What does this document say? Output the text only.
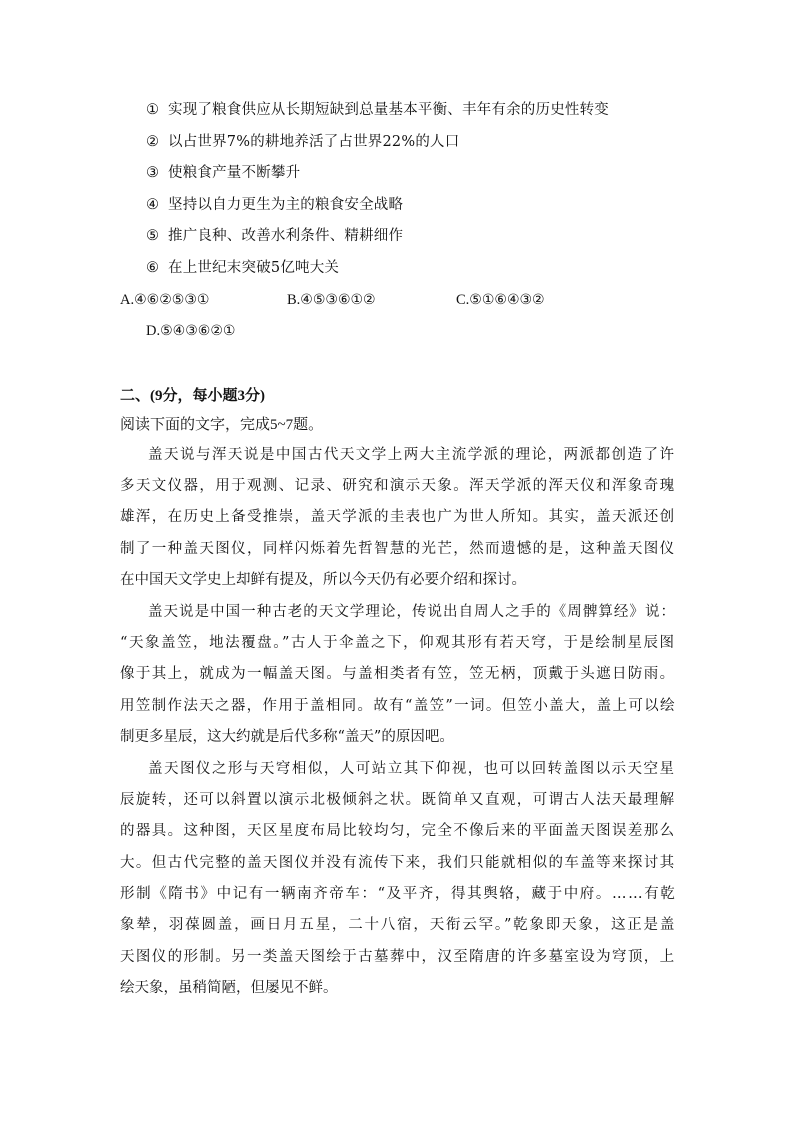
① 实现了粮食供应从长期短缺到总量基本平衡、丰年有余的历史性转变
② 以占世界7%的耕地养活了占世界22%的人口
③ 使粮食产量不断攀升
④ 坚持以自力更生为主的粮食安全战略
⑤ 推广良种、改善水利条件、精耕细作
⑥ 在上世纪末突破5亿吨大关
A.④⑥②⑤③①	B.④⑤③⑥①②	C.⑤①⑥④③②
D.⑤④③⑥②①
二、(9分，每小题3分)
阅读下面的文字，完成5~7题。
盖天说与浑天说是中国古代天文学上两大主流学派的理论，两派都创造了许
多天文仪器，用于观测、记录、研究和演示天象。浑天学派的浑天仪和浑象奇瑰
雄浑，在历史上备受推崇，盖天学派的圭表也广为世人所知。其实，盖天派还创
制了一种盖天图仪，同样闪烁着先哲智慧的光芒，然而遗憾的是，这种盖天图仪
在中国天文学史上却鲜有提及，所以今天仍有必要介绍和探讨。
盖天说是中国一种古老的天文学理论，传说出自周人之手的《周髀算经》说：
“天象盖笠，地法覆盘。”古人于伞盖之下，仰观其形有若天穹，于是绘制星辰图
像于其上，就成为一幅盖天图。与盖相类者有笠，笠无柄，顶戴于头遮日防雨。
用笠制作法天之器，作用于盖相同。故有“盖笠”一词。但笠小盖大，盖上可以绘
制更多星辰，这大约就是后代多称“盖天”的原因吧。
盖天图仪之形与天穹相似，人可站立其下仰视，也可以回转盖图以示天空星
辰旋转，还可以斜置以演示北极倾斜之状。既简单又直观，可谓古人法天最理解
的器具。这种图，天区星度布局比较均匀，完全不像后来的平面盖天图误差那么
大。但古代完整的盖天图仪并没有流传下来，我们只能就相似的车盖等来探讨其
形制《隋书》中记有一辆南齐帝车：“及平齐，得其舆辂，藏于中府。……有乾
象辇，羽葆圆盖，画日月五星，二十八宿，天衔云罕。”乾象即天象，这正是盖
天图仪的形制。另一类盖天图绘于古墓葬中，汉至隋唐的许多墓室设为穹顶，上
绘天象，虽稍简陋，但屡见不鲜。
